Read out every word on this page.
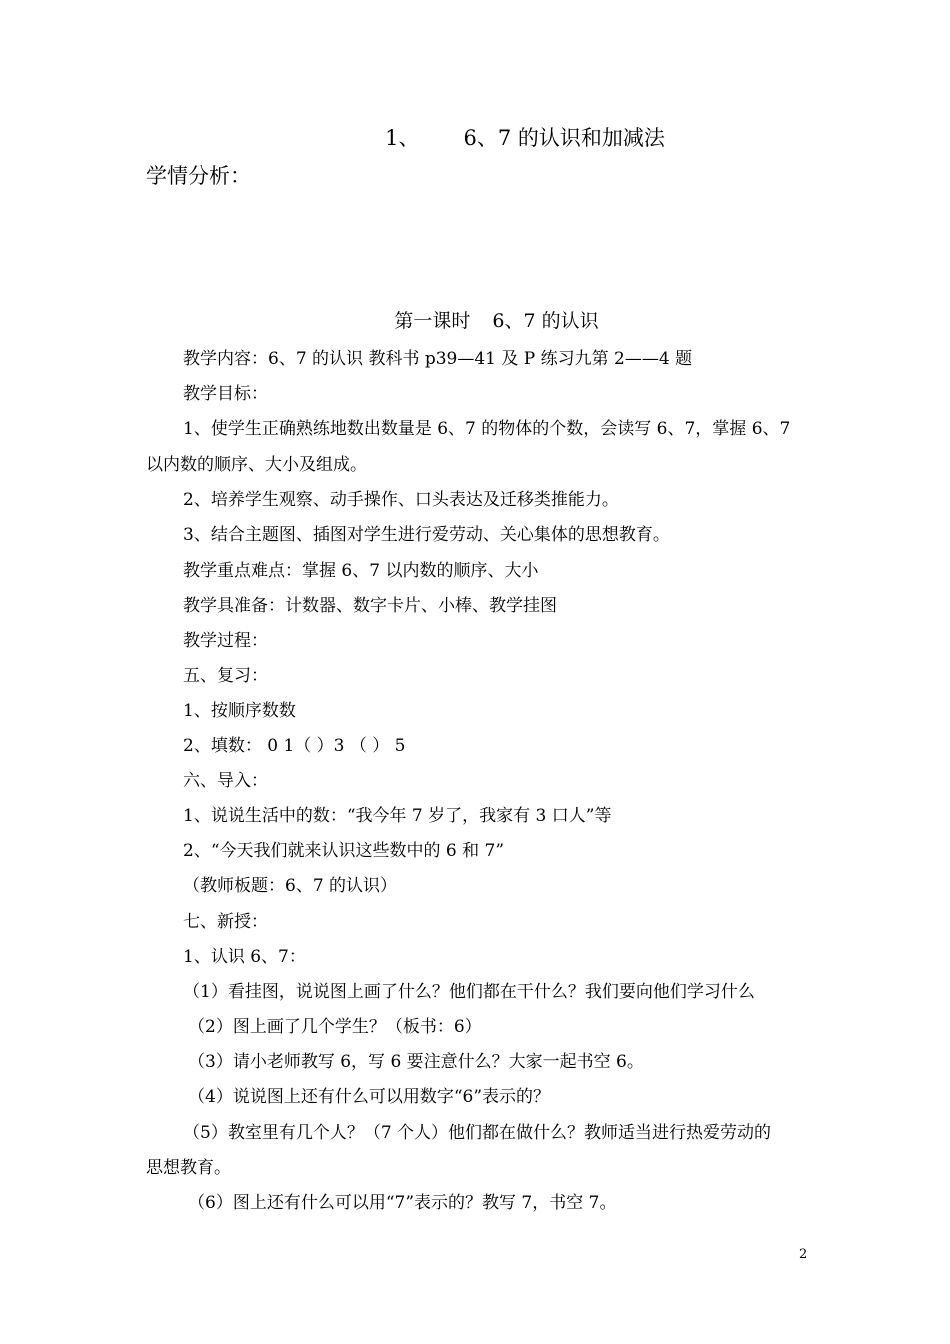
1、 6、7 的认识和加减法
学情分析：
第一课时 6、7 的认识
教学内容：6、7 的认识 教科书 p39—41 及 P 练习九第 2——4 题
教学目标：
1、使学生正确熟练地数出数量是 6、7 的物体的个数，会读写 6、7，掌握 6、7
以内数的顺序、大小及组成。
2、培养学生观察、动手操作、口头表达及迁移类推能力。
3、结合主题图、插图对学生进行爱劳动、关心集体的思想教育。
教学重点难点：掌握 6、7 以内数的顺序、大小
教学具准备：计数器、数字卡片、小棒、教学挂图
教学过程：
五、复习：
1、按顺序数数
2、填数： 0 1（ ）3 （ ） 5
六、导入：
1、说说生活中的数：“我今年 7 岁了，我家有 3 口人”等
2、“今天我们就来认识这些数中的 6 和 7”
（教师板题：6、7 的认识）
七、新授：
1、认识 6、7：
（1）看挂图，说说图上画了什么？他们都在干什么？我们要向他们学习什么
（2）图上画了几个学生？（板书：6）
（3）请小老师教写 6，写 6 要注意什么？大家一起书空 6。
（4）说说图上还有什么可以用数字“6”表示的？
（5）教室里有几个人？（7 个人）他们都在做什么？教师适当进行热爱劳动的
思想教育。
（6）图上还有什么可以用“7”表示的？教写 7，书空 7。
2
